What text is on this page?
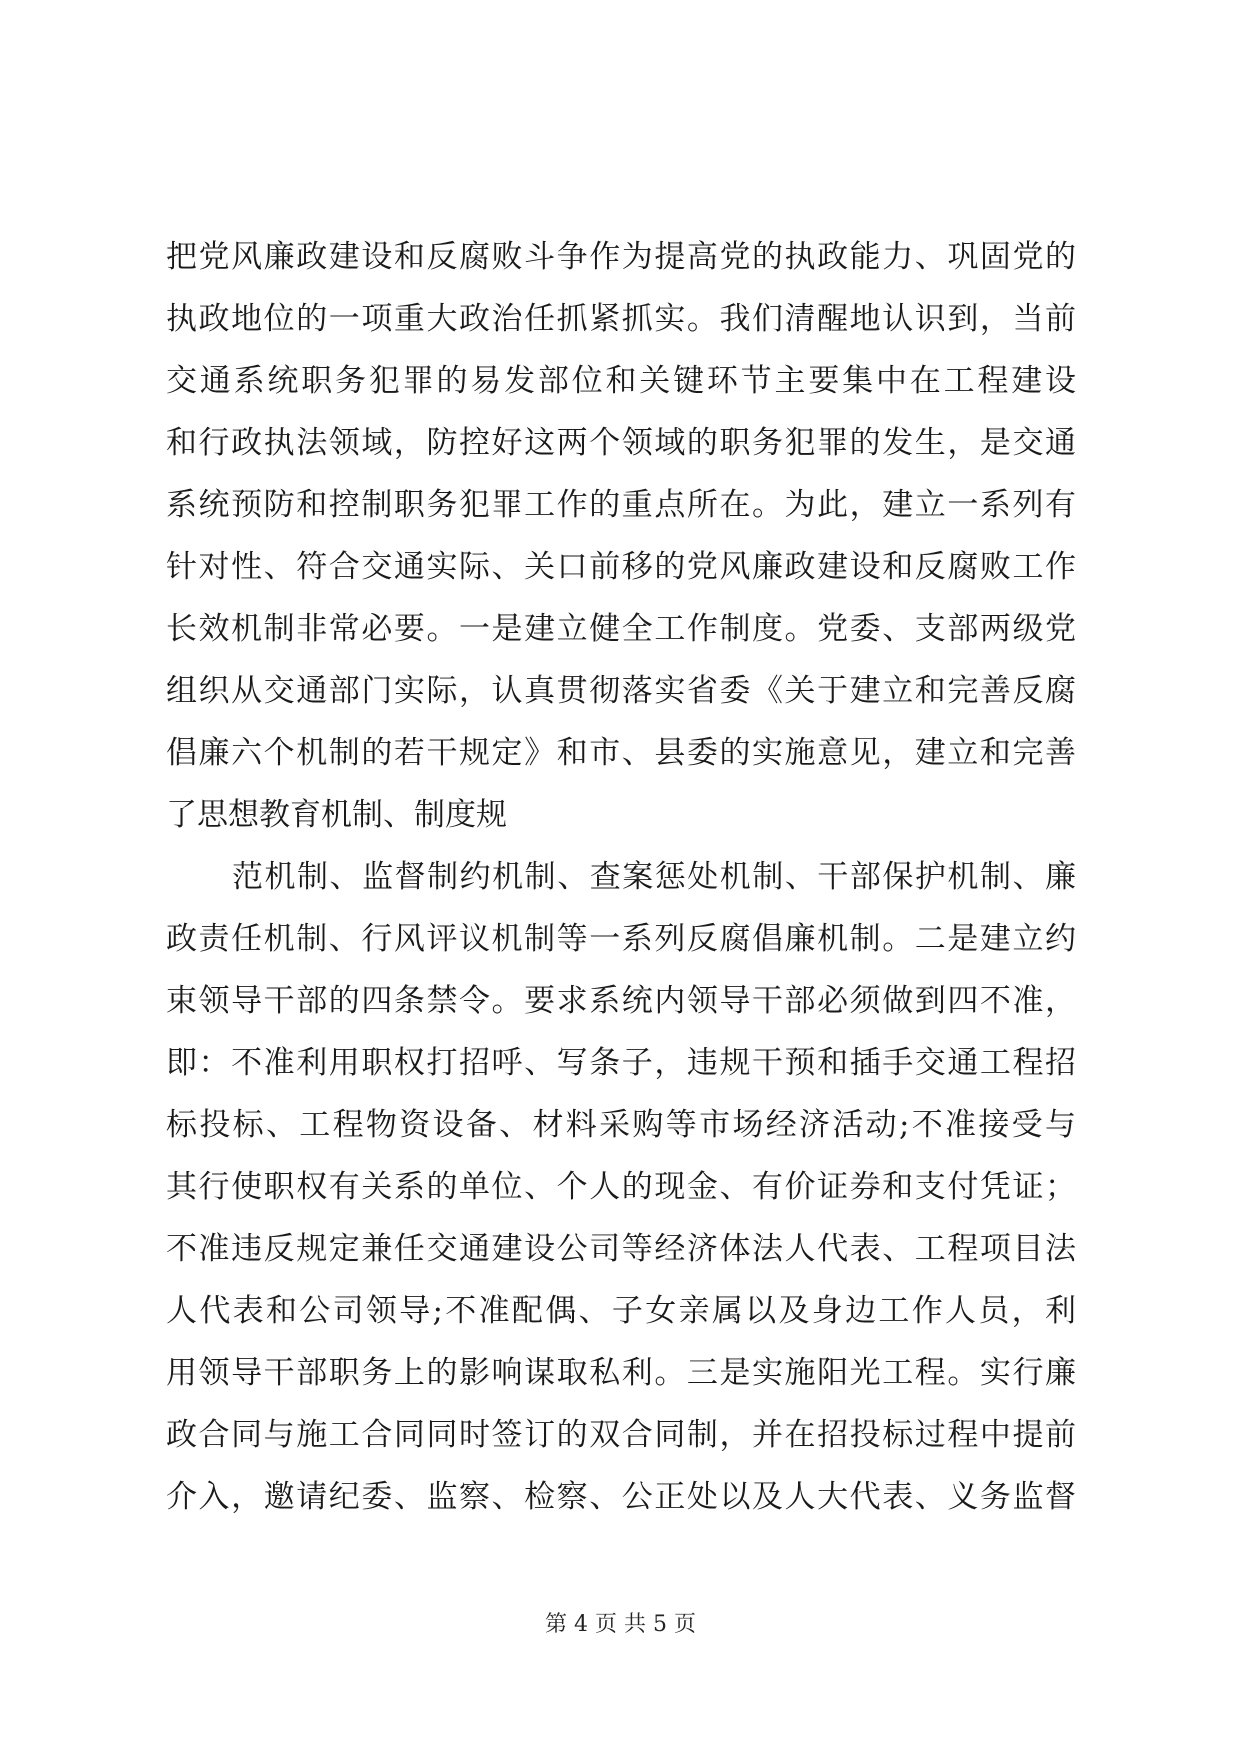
把党风廉政建设和反腐败斗争作为提高党的执政能力、巩固党的
执政地位的一项重大政治任抓紧抓实。我们清醒地认识到，当前
交通系统职务犯罪的易发部位和关键环节主要集中在工程建设
和行政执法领域，防控好这两个领域的职务犯罪的发生，是交通
系统预防和控制职务犯罪工作的重点所在。为此，建立一系列有
针对性、符合交通实际、关口前移的党风廉政建设和反腐败工作
长效机制非常必要。一是建立健全工作制度。党委、支部两级党
组织从交通部门实际，认真贯彻落实省委《关于建立和完善反腐
倡廉六个机制的若干规定》和市、县委的实施意见，建立和完善
了思想教育机制、制度规
范机制、监督制约机制、查案惩处机制、干部保护机制、廉
政责任机制、行风评议机制等一系列反腐倡廉机制。二是建立约
束领导干部的四条禁令。要求系统内领导干部必须做到四不准，
即：不准利用职权打招呼、写条子，违规干预和插手交通工程招
标投标、工程物资设备、材料采购等市场经济活动;不准接受与
其行使职权有关系的单位、个人的现金、有价证券和支付凭证；
不准违反规定兼任交通建设公司等经济体法人代表、工程项目法
人代表和公司领导;不准配偶、子女亲属以及身边工作人员，利
用领导干部职务上的影响谋取私利。三是实施阳光工程。实行廉
政合同与施工合同同时签订的双合同制，并在招投标过程中提前
介入，邀请纪委、监察、检察、公正处以及人大代表、义务监督
第 4 页 共 5 页
